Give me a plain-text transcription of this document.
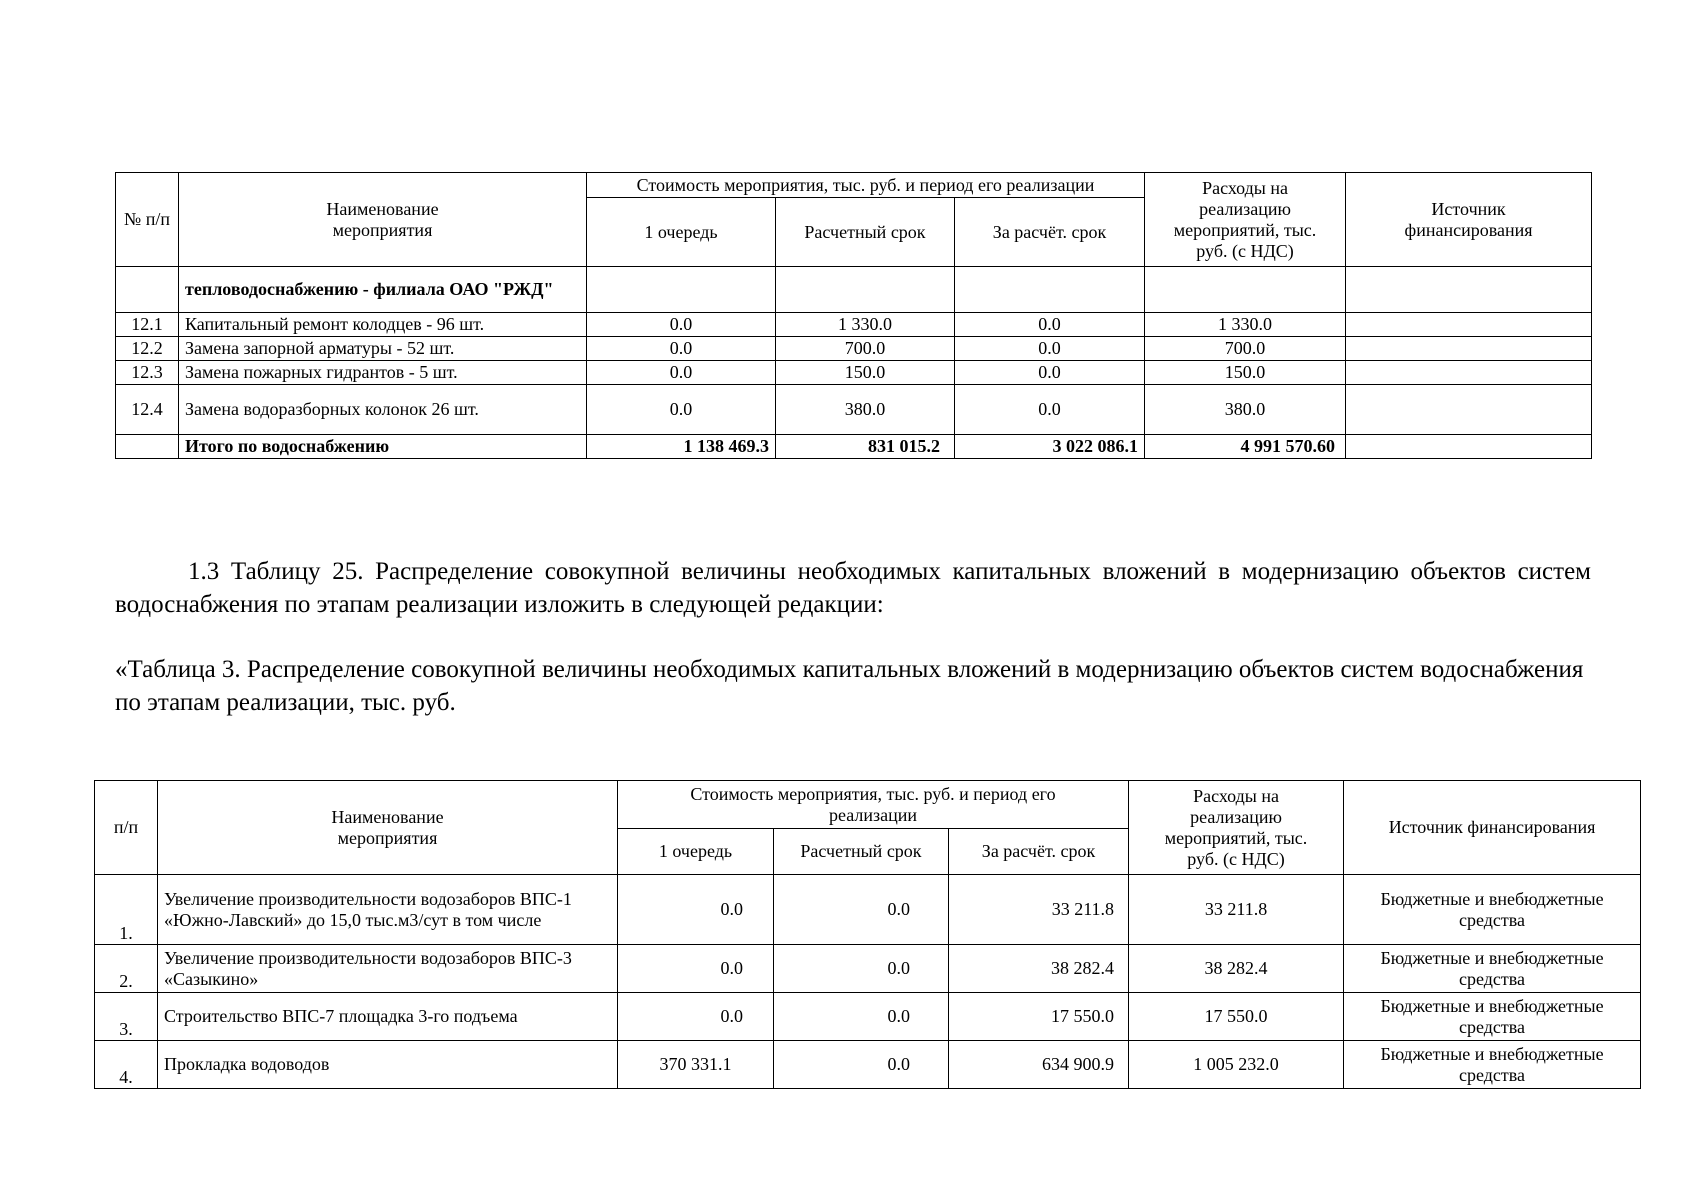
№ п/п	Наименование мероприятия	Стоимость мероприятия, тыс. руб. и период его реализации			Расходы на реализацию мероприятий, тыс. руб. (с НДС)	Источник финансирования
		1 очередь	Расчетный срок	За расчёт. срок		
	тепловодоснабжению - филиала ОАО "РЖД"					
12.1	Капитальный ремонт колодцев - 96 шт.	0.0	1 330.0	0.0	1 330.0	
12.2	Замена запорной арматуры - 52 шт.	0.0	700.0	0.0	700.0	
12.3	Замена пожарных гидрантов - 5 шт.	0.0	150.0	0.0	150.0	
12.4	Замена водоразборных колонок 26 шт.	0.0	380.0	0.0	380.0	
	Итого по водоснабжению	1 138 469.3	831 015.2	3 022 086.1	4 991 570.60	
1.3 Таблицу 25. Распределение совокупной величины необходимых капитальных вложений в модернизацию объектов систем водоснабжения по этапам реализации изложить в следующей редакции:
«Таблица 3. Распределение совокупной величины необходимых капитальных вложений в модернизацию объектов систем водоснабжения по этапам реализации, тыс. руб.
п/п	Наименование мероприятия	Стоимость мероприятия, тыс. руб. и период его реализации			Расходы на реализацию мероприятий, тыс. руб. (с НДС)	Источник финансирования
		1 очередь	Расчетный срок	За расчёт. срок		
1.	Увеличение производительности водозаборов ВПС-1 «Южно-Лавский» до 15,0 тыс.м3/сут в том числе	0.0	0.0	33 211.8	33 211.8	Бюджетные и внебюджетные средства
2.	Увеличение производительности водозаборов ВПС-3 «Сазыкино»	0.0	0.0	38 282.4	38 282.4	Бюджетные и внебюджетные средства
3.	Строительство ВПС-7 площадка 3-го подъема	0.0	0.0	17 550.0	17 550.0	Бюджетные и внебюджетные средства
4.	Прокладка водоводов	370 331.1	0.0	634 900.9	1 005 232.0	Бюджетные и внебюджетные средства
